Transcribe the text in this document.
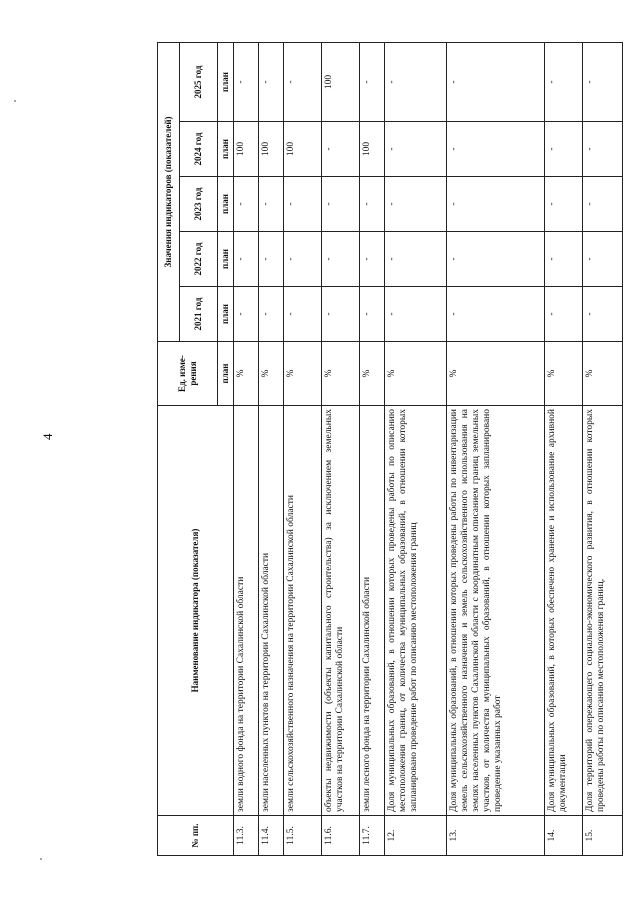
4
№ пп.	Наименование индикатора (показателя)	Ед. изме-рения	Значения индикаторов (показателей)				
			2021 год	2022 год	2023 год	2024 год	2025 год
		план	план	план	план	план	план
11.3.	земли водного фонда на территории Сахалинской области	%	-	-	-	100	-
11.4.	земли населенных пунктов на территории Сахалинской области	%	-	-	-	100	-
11.5.	земли сельскохозяйственного назначения на территории Сахалинской области	%	-	-	-	100	-
11.6.	объекты недвижимости (объекты капитального строительства) за исключением земельных участков на территории Сахалинской области	%	-	-	-	-	100
11.7.	земли лесного фонда на территории Сахалинской области	%	-	-	-	100	-
12.	Доля муниципальных образований, в отношении которых проведены работы по описанию местоположения границ, от количества муниципальных образований, в отношении которых запланировано проведение работ по описанию местоположения границ	%	-	-	-	-	-
13.	Доля муниципальных образований, в отношении которых проведены работы по инвентаризации земель сельскохозяйственного назначения и земель сельскохозяйственного использования на землях населенных пунктов Сахалинской области с координатным описанием границ земельных участков, от количества муниципальных образований, в отношении которых запланировано проведение указанных работ	%	-	-	-	-	-
14.	Доля муниципальных образований, в которых обеспечено хранение и использование архивной документации	%	-	-	-	-	-
15.	Доля территорий опережающего социально-экономического развития, в отношении которых проведены работы по описанию местоположения границ,	%	-	-	-	-	-
